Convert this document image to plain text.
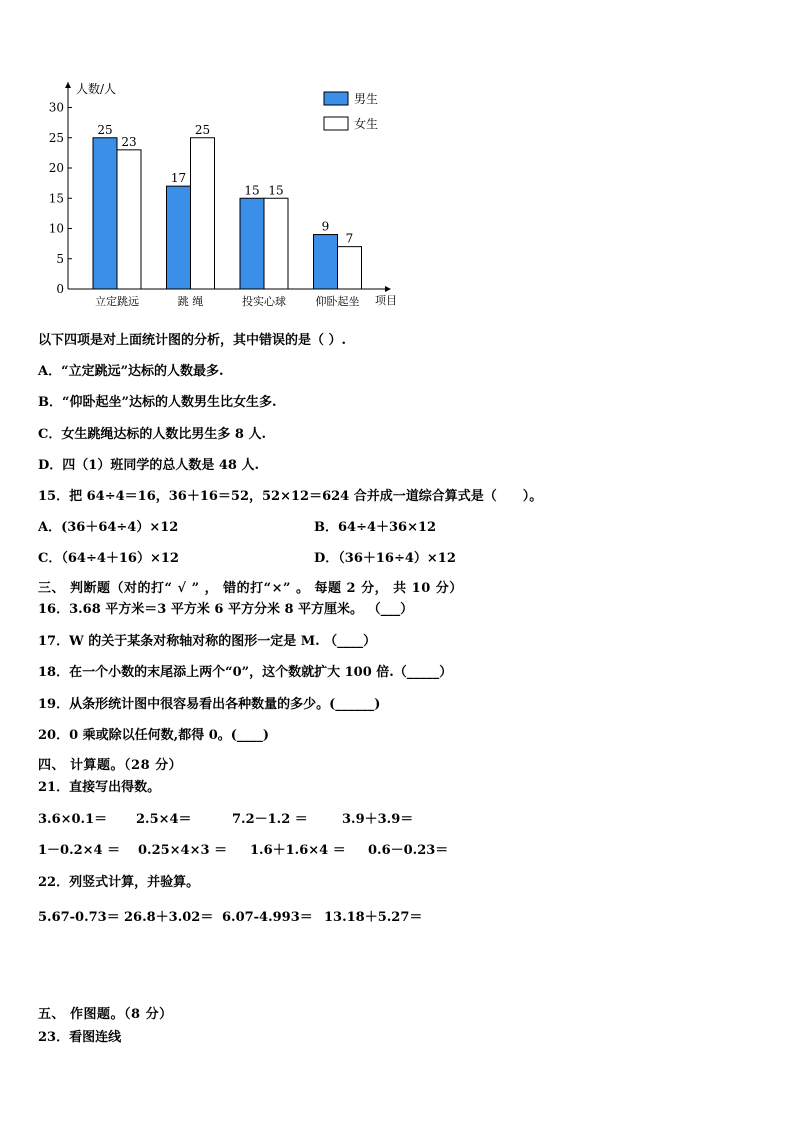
0
5
10
15
20
25
30
人数/人
项目
25
23
立定跳远
17
25
跳 绳
15 15
投实心球
9
7
仰卧起坐
男生
女生
以下四项是对上面统计图的分析，其中错误的是（ ）.
A．“立定跳远”达标的人数最多.
B．“仰卧起坐”达标的人数男生比女生多.
C．女生跳绳达标的人数比男生多 8 人.
D．四（1）班同学的总人数是 48 人.
15．把 64÷4＝16，36＋16＝52，52×12＝624 合并成一道综合算式是（　　）。
A．(36＋64÷4）×12	B．64÷4＋36×12
C．（64÷4＋16）×12	D．（36＋16÷4）×12
三、 判断题（对的打“ √ ” ， 错的打“×” 。 每题 2 分， 共 10 分）
16．3.68 平方米＝3 平方米 6 平方分米 8 平方厘米。 （___）
17．W 的关于某条对称轴对称的图形一定是 M. （____）
18．在一个小数的末尾添上两个“0”，这个数就扩大 100 倍.（_____）
19．从条形统计图中很容易看出各种数量的多少。(______)
20．0 乘或除以任何数,都得 0。(____)
四、 计算题。（28 分）
21．直接写出得数。
3.6×0.1＝ 2.5×4＝	7.2－1.2 ＝	3.9＋3.9＝
1－0.2×4 ＝ 0.25×4×3 ＝ 1.6＋1.6×4 ＝ 0.6－0.23＝
22．列竖式计算，并验算。
5.67-0.73＝ 26.8＋3.02＝ 6.07-4.993＝ 13.18＋5.27＝
五、 作图题。（8 分）
23．看图连线
